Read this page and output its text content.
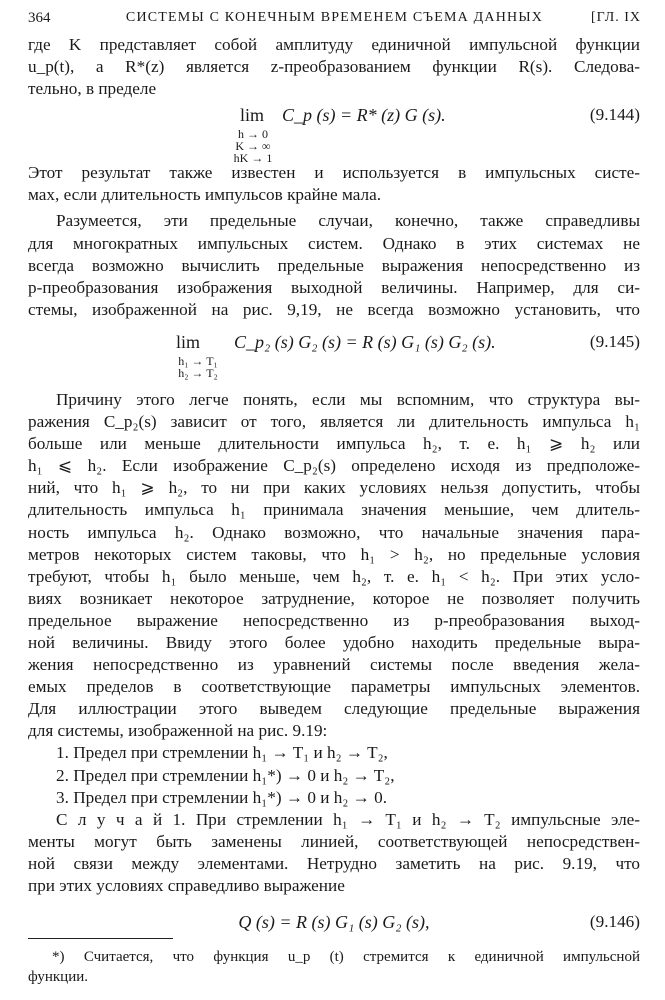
364	СИСТЕМЫ С КОНЕЧНЫМ ВРЕМЕНЕМ СЪЕМА ДАННЫХ	[ГЛ. IX
где K представляет собой амплитуду единичной импульсной функции
u_p(t), а R*(z) является z-преобразованием функции R(s). Следова-
тельно, в пределе
lim
h → 0
K → ∞
hK → 1
C_p (s) = R* (z) G (s).	(9.144)
Этот результат также известен и используется в импульсных систе-
мах, если длительность импульсов крайне мала.
Разумеется, эти предельные случаи, конечно, также справедливы
для многократных импульсных систем. Однако в этих системах не
всегда возможно вычислить предельные выражения непосредственно из
p-преобразования изображения выходной величины. Например, для си-
стемы, изображенной на рис. 9,19, не всегда возможно установить, что
lim
h₁ → T₁
h₂ → T₂
C_p₂ (s) G₂ (s) = R (s) G₁ (s) G₂ (s).	(9.145)
Причину этого легче понять, если мы вспомним, что структура вы-
ражения C_p₂(s) зависит от того, является ли длительность импульса h₁
больше или меньше длительности импульса h₂, т. е. h₁ ⩾ h₂ или
h₁ ⩽ h₂. Если изображение C_p₂(s) определено исходя из предположе-
ний, что h₁ ⩾ h₂, то ни при каких условиях нельзя допустить, чтобы
длительность импульса h₁ принимала значения меньшие, чем длитель-
ность импульса h₂. Однако возможно, что начальные значения пара-
метров некоторых систем таковы, что h₁ > h₂, но предельные условия
требуют, чтобы h₁ было меньше, чем h₂, т. е. h₁ < h₂. При этих усло-
виях возникает некоторое затруднение, которое не позволяет получить
предельное выражение непосредственно из p-преобразования выход-
ной величины. Ввиду этого более удобно находить предельные выра-
жения непосредственно из уравнений системы после введения жела-
емых пределов в соответствующие параметры импульсных элементов.
Для иллюстрации этого выведем следующие предельные выражения
для системы, изображенной на рис. 9.19:
1. Предел при стремлении h₁ → T₁ и h₂ → T₂,
2. Предел при стремлении h₁*) → 0 и h₂ → T₂,
3. Предел при стремлении h₁*) → 0 и h₂ → 0.
С л у ч а й 1. При стремлении h₁ → T₁ и h₂ → T₂ импульсные эле-
менты могут быть заменены линией, соответствующей непосредствен-
ной связи между элементами. Нетрудно заметить на рис. 9.19, что
при этих условиях справедливо выражение
Q (s) = R (s) G₁ (s) G₂ (s),	(9.146)
*) Считается, что функция u_p (t) стремится к единичной импульсной
функции.
